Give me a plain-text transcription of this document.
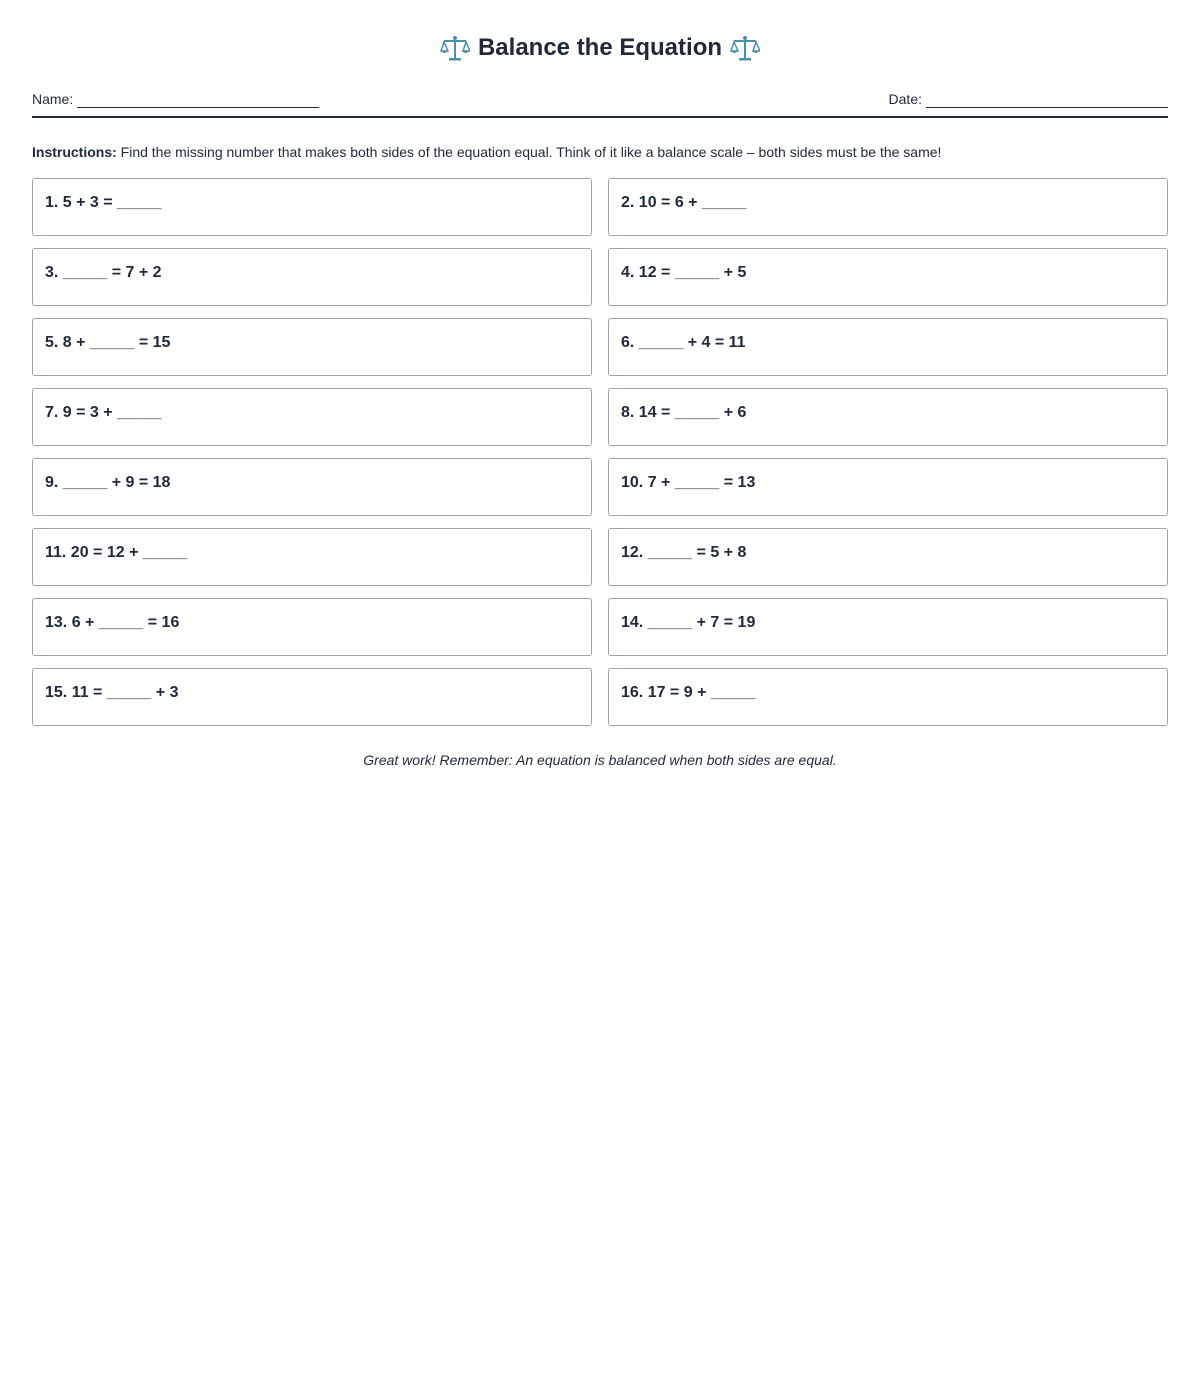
Balance the Equation
Name:	Date:
Instructions: Find the missing number that makes both sides of the equation equal. Think of it like a balance scale – both sides must be the same!
1. 5 + 3 = _____	2. 10 = 6 + _____
3. _____ = 7 + 2	4. 12 = _____ + 5
5. 8 + _____ = 15	6. _____ + 4 = 11
7. 9 = 3 + _____	8. 14 = _____ + 6
9. _____ + 9 = 18	10. 7 + _____ = 13
11. 20 = 12 + _____	12. _____ = 5 + 8
13. 6 + _____ = 16	14. _____ + 7 = 19
15. 11 = _____ + 3	16. 17 = 9 + _____
Great work! Remember: An equation is balanced when both sides are equal.
